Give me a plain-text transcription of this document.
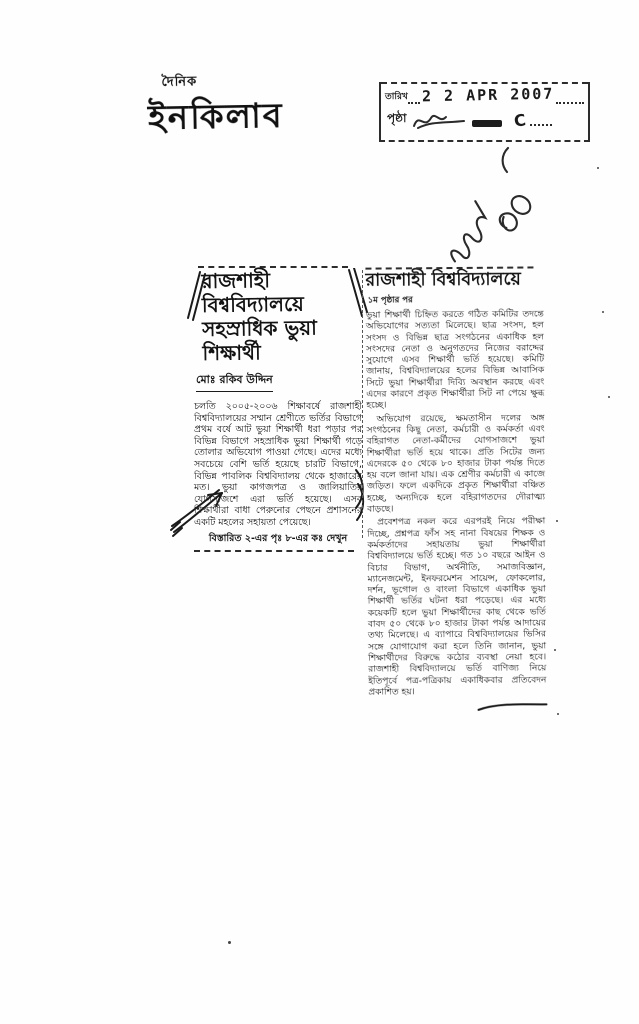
দৈনিক
ইনকিলাব	তারিখ 2 2 APR 2007
পৃষ্ঠা	C
রাজশাহী বিশ্ববিদ্যালয়ে
সহস্রাধিক ভুয়া শিক্ষার্থী
মোঃ রকিব উদ্দিন
চলতি ২০০৫-২০০৬ শিক্ষাবর্ষে রাজশাহী বিশ্ববিদ্যালয়ের সম্মান শ্রেণীতে ভর্তির বিভাগে প্রথম বর্ষে আট ভুয়া শিক্ষার্থী ধরা পড়ার পর বিভিন্ন বিভাগে সহস্রাধিক ভুয়া শিক্ষার্থী গড়ে তোলার অভিযোগ পাওয়া গেছে। এদের মধ্যে সবচেয়ে বেশি ভর্তি হয়েছে চারটি বিভাগে, বিভিন্ন পাবলিক বিশ্ববিদ্যালয় থেকে হাজারের মত। ভুয়া কাগজপত্র ও জালিয়াতির যোগসাজশে এরা ভর্তি হয়েছে। এসব শিক্ষার্থীরা বাধা পেরুনোর পেছনে প্রশাসনের একটি মহলের সহায়তা পেয়েছে।
বিস্তারিত ২-এর পৃঃ ৮-এর কঃ দেখুন
রাজশাহী বিশ্ববিদ্যালয়ে
১ম পৃষ্ঠার পর

ভুয়া শিক্ষার্থী চিহ্নিত করতে গঠিত কমিটির তদন্তে অভিযোগের সত্যতা মিলেছে। ছাত্র সংসদ, হল সংসদ ও বিভিন্ন ছাত্র সংগঠনের একাধিক হল সংসদের নেতা ও অনুগতদের নিজের বরাদ্দের সুযোগে এসব শিক্ষার্থী ভর্তি হয়েছে। কমিটি জানায়, বিশ্ববিদ্যালয়ের হলের বিভিন্ন আবাসিক সিটে ভুয়া শিক্ষার্থীরা দিব্যি অবস্থান করছে এবং এদের কারণে প্রকৃত শিক্ষার্থীরা সিট না পেয়ে ক্ষুব্ধ হচ্ছে।

অভিযোগ রয়েছে, ক্ষমতাসীন দলের অঙ্গ সংগঠনের কিছু নেতা, কর্মচারী ও কর্মকর্তা এবং বহিরাগত নেতা-কর্মীদের যোগসাজশে ভুয়া শিক্ষার্থীরা ভর্তি হয়ে থাকে। প্রতি সিটের জন্য এদেরকে ৫০ থেকে ৮০ হাজার টাকা পর্যন্ত দিতে হয় বলে জানা যায়। এক শ্রেণীর কর্মচারী এ কাজে জড়িত। ফলে একদিকে প্রকৃত শিক্ষার্থীরা বঞ্চিত হচ্ছে, অন্যদিকে হলে বহিরাগতদের দৌরাত্ম্য বাড়ছে।

প্রবেশপত্র নকল করে এরপরই নিয়ে পরীক্ষা দিচ্ছে, প্রশ্নপত্র ফাঁস সহ নানা বিষয়ের শিক্ষক ও কর্মকর্তাদের সহায়তায় ভুয়া শিক্ষার্থীরা বিশ্ববিদ্যালয়ে ভর্তি হচ্ছে। গত ১০ বছরে আইন ও বিচার বিভাগ, অর্থনীতি, সমাজবিজ্ঞান, ম্যানেজমেন্ট, ইনফরমেশন সায়েন্স, ফোকলোর, দর্শন, ভূগোল ও বাংলা বিভাগে একাধিক ভুয়া শিক্ষার্থী ভর্তির ঘটনা ধরা পড়েছে। এর মধ্যে কয়েকটি হলে ভুয়া শিক্ষার্থীদের কাছ থেকে ভর্তি বাবদ ৫০ থেকে ৮০ হাজার টাকা পর্যন্ত আদায়ের তথ্য মিলেছে। এ ব্যাপারে বিশ্ববিদ্যালয়ের ভিসির সঙ্গে যোগাযোগ করা হলে তিনি জানান, ভুয়া শিক্ষার্থীদের বিরুদ্ধে কঠোর ব্যবস্থা নেয়া হবে। রাজশাহী বিশ্ববিদ্যালয়ে ভর্তি বাণিজ্য নিয়ে ইতিপূর্বে পত্র-পত্রিকায় একাধিকবার প্রতিবেদন প্রকাশিত হয়।
